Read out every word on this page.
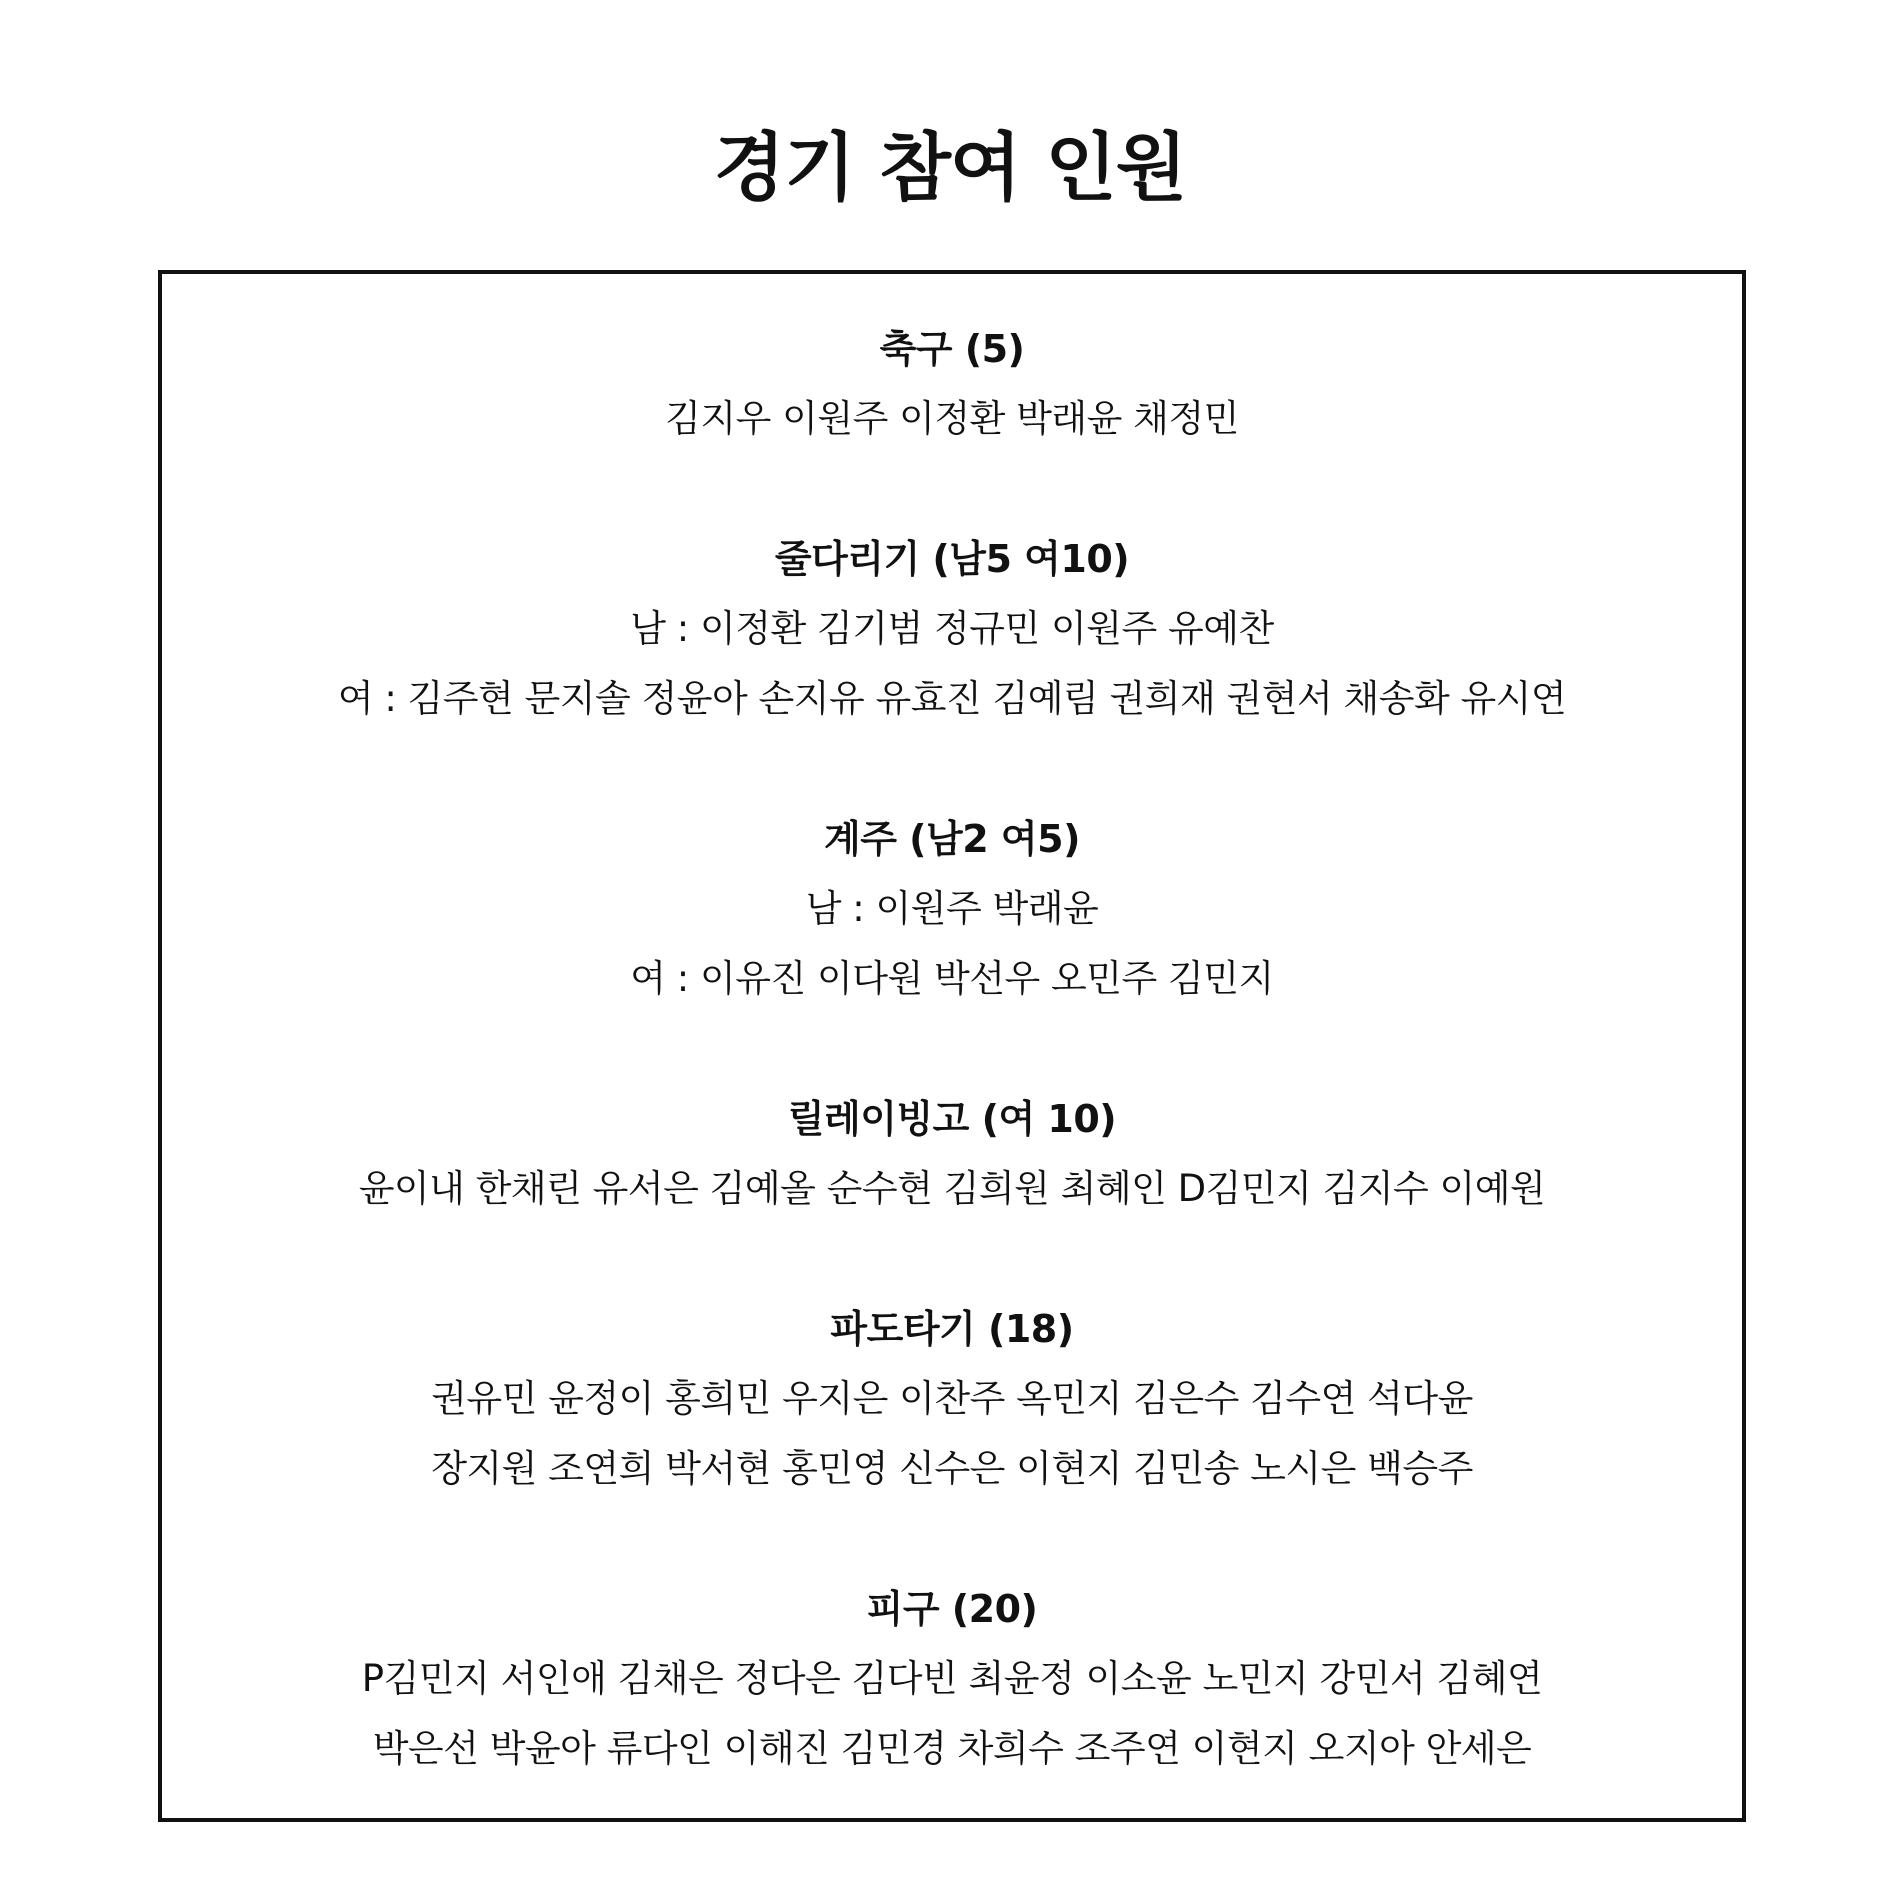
경기 참여 인원
축구 (5)
김지우 이원주 이정환 박래윤 채정민
줄다리기 (남5 여10)
남 : 이정환 김기범 정규민 이원주 유예찬
여 : 김주현 문지솔 정윤아 손지유 유효진 김예림 권희재 권현서 채송화 유시연
계주 (남2 여5)
남 : 이원주 박래윤
여 : 이유진 이다원 박선우 오민주 김민지
릴레이빙고 (여 10)
윤이내 한채린 유서은 김예올 순수현 김희원 최혜인 D김민지 김지수 이예원
파도타기 (18)
권유민 윤정이 홍희민 우지은 이찬주 옥민지 김은수 김수연 석다윤
장지원 조연희 박서현 홍민영 신수은 이현지 김민송 노시은 백승주
피구 (20)
P김민지 서인애 김채은 정다은 김다빈 최윤정 이소윤 노민지 강민서 김혜연
박은선 박윤아 류다인 이해진 김민경 차희수 조주연 이현지 오지아 안세은
